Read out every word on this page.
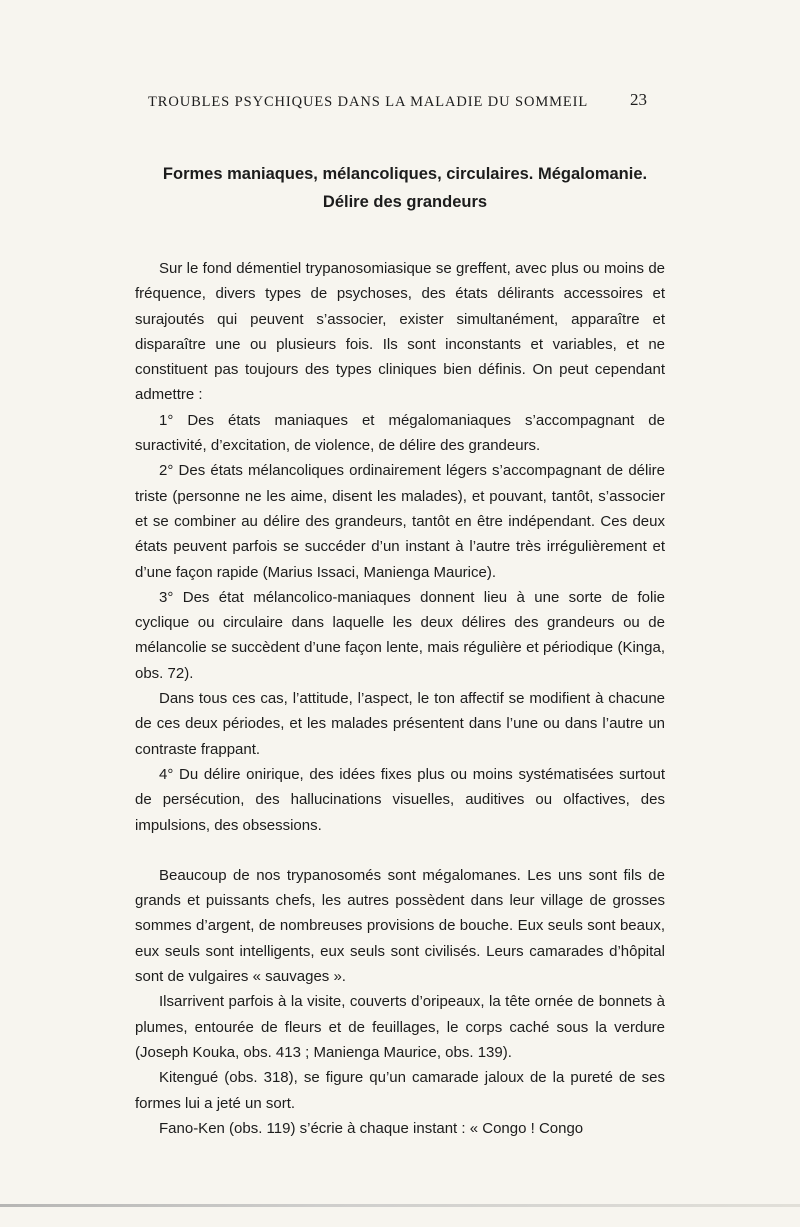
TROUBLES PSYCHIQUES DANS LA MALADIE DU SOMMEIL	23
Formes maniaques, mélancoliques, circulaires. Mégalomanie.
Délire des grandeurs

Sur le fond démentiel trypanosomiasique se greffent, avec plus ou moins de fréquence, divers types de psychoses, des états délirants accessoires et surajoutés qui peuvent s’associer, exister simultanément, apparaître et disparaître une ou plusieurs fois. Ils sont inconstants et variables, et ne constituent pas toujours des types cliniques bien définis. On peut cependant admettre :

1° Des états maniaques et mégalomaniaques s’accompagnant de suractivité, d’excitation, de violence, de délire des grandeurs.

2° Des états mélancoliques ordinairement légers s’accompagnant de délire triste (personne ne les aime, disent les malades), et pouvant, tantôt, s’associer et se combiner au délire des grandeurs, tantôt en être indépendant. Ces deux états peuvent parfois se succéder d’un instant à l’autre très irrégulièrement et d’une façon rapide (Marius Issaci, Manienga Maurice).

3° Des état mélancolico-maniaques donnent lieu à une sorte de folie cyclique ou circulaire dans laquelle les deux délires des grandeurs ou de mélancolie se succèdent d’une façon lente, mais régulière et périodique (Kinga, obs. 72).

Dans tous ces cas, l’attitude, l’aspect, le ton affectif se modifient à chacune de ces deux périodes, et les malades présentent dans l’une ou dans l’autre un contraste frappant.

4° Du délire onirique, des idées fixes plus ou moins systématisées surtout de persécution, des hallucinations visuelles, auditives ou olfactives, des impulsions, des obsessions.

Beaucoup de nos trypanosomés sont mégalomanes. Les uns sont fils de grands et puissants chefs, les autres possèdent dans leur village de grosses sommes d’argent, de nombreuses provisions de bouche. Eux seuls sont beaux, eux seuls sont intelligents, eux seuls sont civilisés. Leurs camarades d’hôpital sont de vulgaires « sauvages ».

Ilsarrivent parfois à la visite, couverts d’oripeaux, la tête ornée de bonnets à plumes, entourée de fleurs et de feuillages, le corps caché sous la verdure (Joseph Kouka, obs. 413 ; Manienga Maurice, obs. 139).

Kitengué (obs. 318), se figure qu’un camarade jaloux de la pureté de ses formes lui a jeté un sort.

Fano-Ken (obs. 119) s’écrie à chaque instant : « Congo ! Congo
